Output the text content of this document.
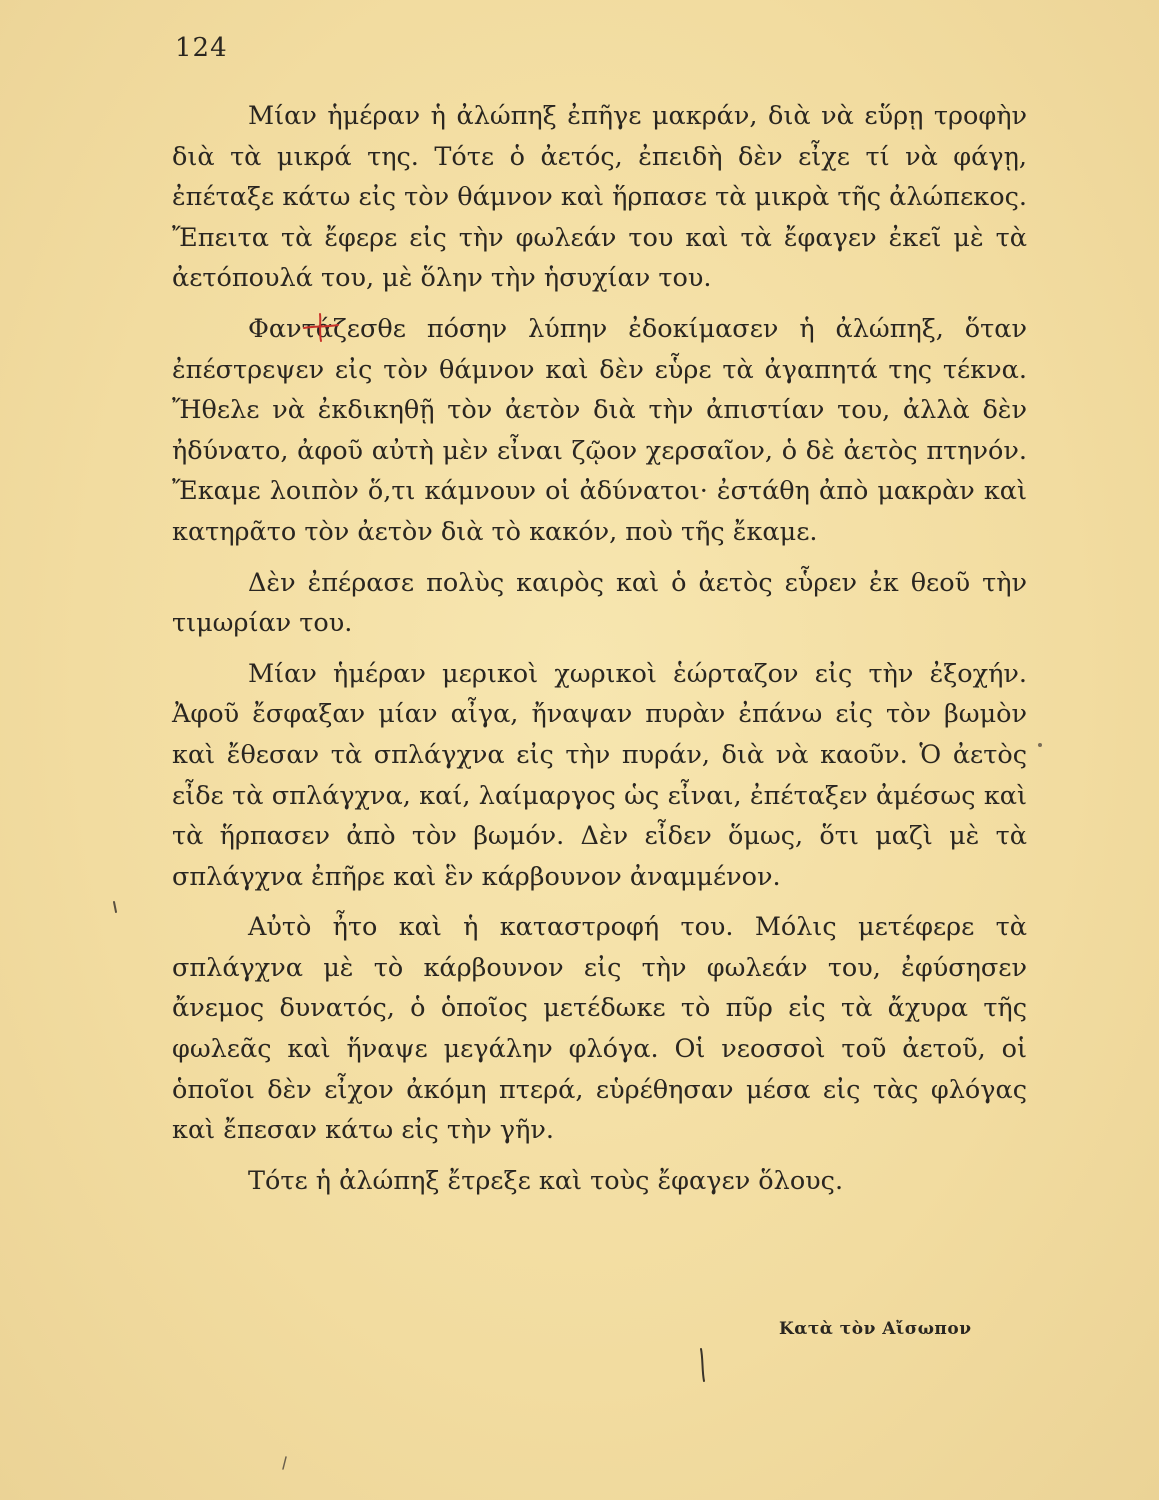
124

Μίαν ἡμέραν ἡ ἀλώπηξ ἐπῆγε μακράν, διὰ νὰ εὕρῃ τροφὴν διὰ τὰ μικρά της. Τότε ὁ ἀετός, ἐπειδὴ δὲν εἶχε τί νὰ φάγῃ, ἐπέταξε κάτω εἰς τὸν θάμνον καὶ ἥρπασε τὰ μικρὰ τῆς ἀλώπεκος. Ἔπειτα τὰ ἔφερε εἰς τὴν φωλεάν του καὶ τὰ ἔφαγεν ἐκεῖ μὲ τὰ ἀετόπουλά του, μὲ ὅλην τὴν ἡσυχίαν του.

Φαντάζεσθε πόσην λύπην ἐδοκίμασεν ἡ ἀλώπηξ, ὅταν ἐπέστρεψεν εἰς τὸν θάμνον καὶ δὲν εὗρε τὰ ἀγαπητά της τέκνα. Ἤθελε νὰ ἐκδικηθῇ τὸν ἀετὸν διὰ τὴν ἀπιστίαν του, ἀλλὰ δὲν ἠδύνατο, ἀφοῦ αὐτὴ μὲν εἶναι ζῷον χερσαῖον, ὁ δὲ ἀετὸς πτηνόν. Ἔκαμε λοιπὸν ὅ,τι κάμνουν οἱ ἀδύνατοι· ἐστάθη ἀπὸ μακρὰν καὶ κατηρᾶτο τὸν ἀετὸν διὰ τὸ κακόν, ποὺ τῆς ἔκαμε.

Δὲν ἐπέρασε πολὺς καιρὸς καὶ ὁ ἀετὸς εὗρεν ἐκ θεοῦ τὴν τιμωρίαν του.

Μίαν ἡμέραν μερικοὶ χωρικοὶ ἑώρταζον εἰς τὴν ἐξοχήν. Ἀφοῦ ἔσφαξαν μίαν αἶγα, ἤναψαν πυρὰν ἐπάνω εἰς τὸν βωμὸν καὶ ἔθεσαν τὰ σπλάγχνα εἰς τὴν πυράν, διὰ νὰ καοῦν. Ὁ ἀετὸς εἶδε τὰ σπλάγχνα, καί, λαίμαργος ὡς εἶναι, ἐπέταξεν ἀμέσως καὶ τὰ ἥρπασεν ἀπὸ τὸν βωμόν. Δὲν εἶδεν ὅμως, ὅτι μαζὶ μὲ τὰ σπλάγχνα ἐπῆρε καὶ ἓν κάρβουνον ἀναμμένον.

Αὐτὸ ἦτο καὶ ἡ καταστροφή του. Μόλις μετέφερε τὰ σπλάγχνα μὲ τὸ κάρβουνον εἰς τὴν φωλεάν του, ἐφύσησεν ἄνεμος δυνατός, ὁ ὁποῖος μετέδωκε τὸ πῦρ εἰς τὰ ἄχυρα τῆς φωλεᾶς καὶ ἥναψε μεγάλην φλόγα. Οἱ νεοσσοὶ τοῦ ἀετοῦ, οἱ ὁποῖοι δὲν εἶχον ἀκόμη πτερά, εὑρέθησαν μέσα εἰς τὰς φλόγας καὶ ἔπεσαν κάτω εἰς τὴν γῆν.

Τότε ἡ ἀλώπηξ ἔτρεξε καὶ τοὺς ἔφαγεν ὅλους.

Κατὰ τὸν Αἴσωπον
